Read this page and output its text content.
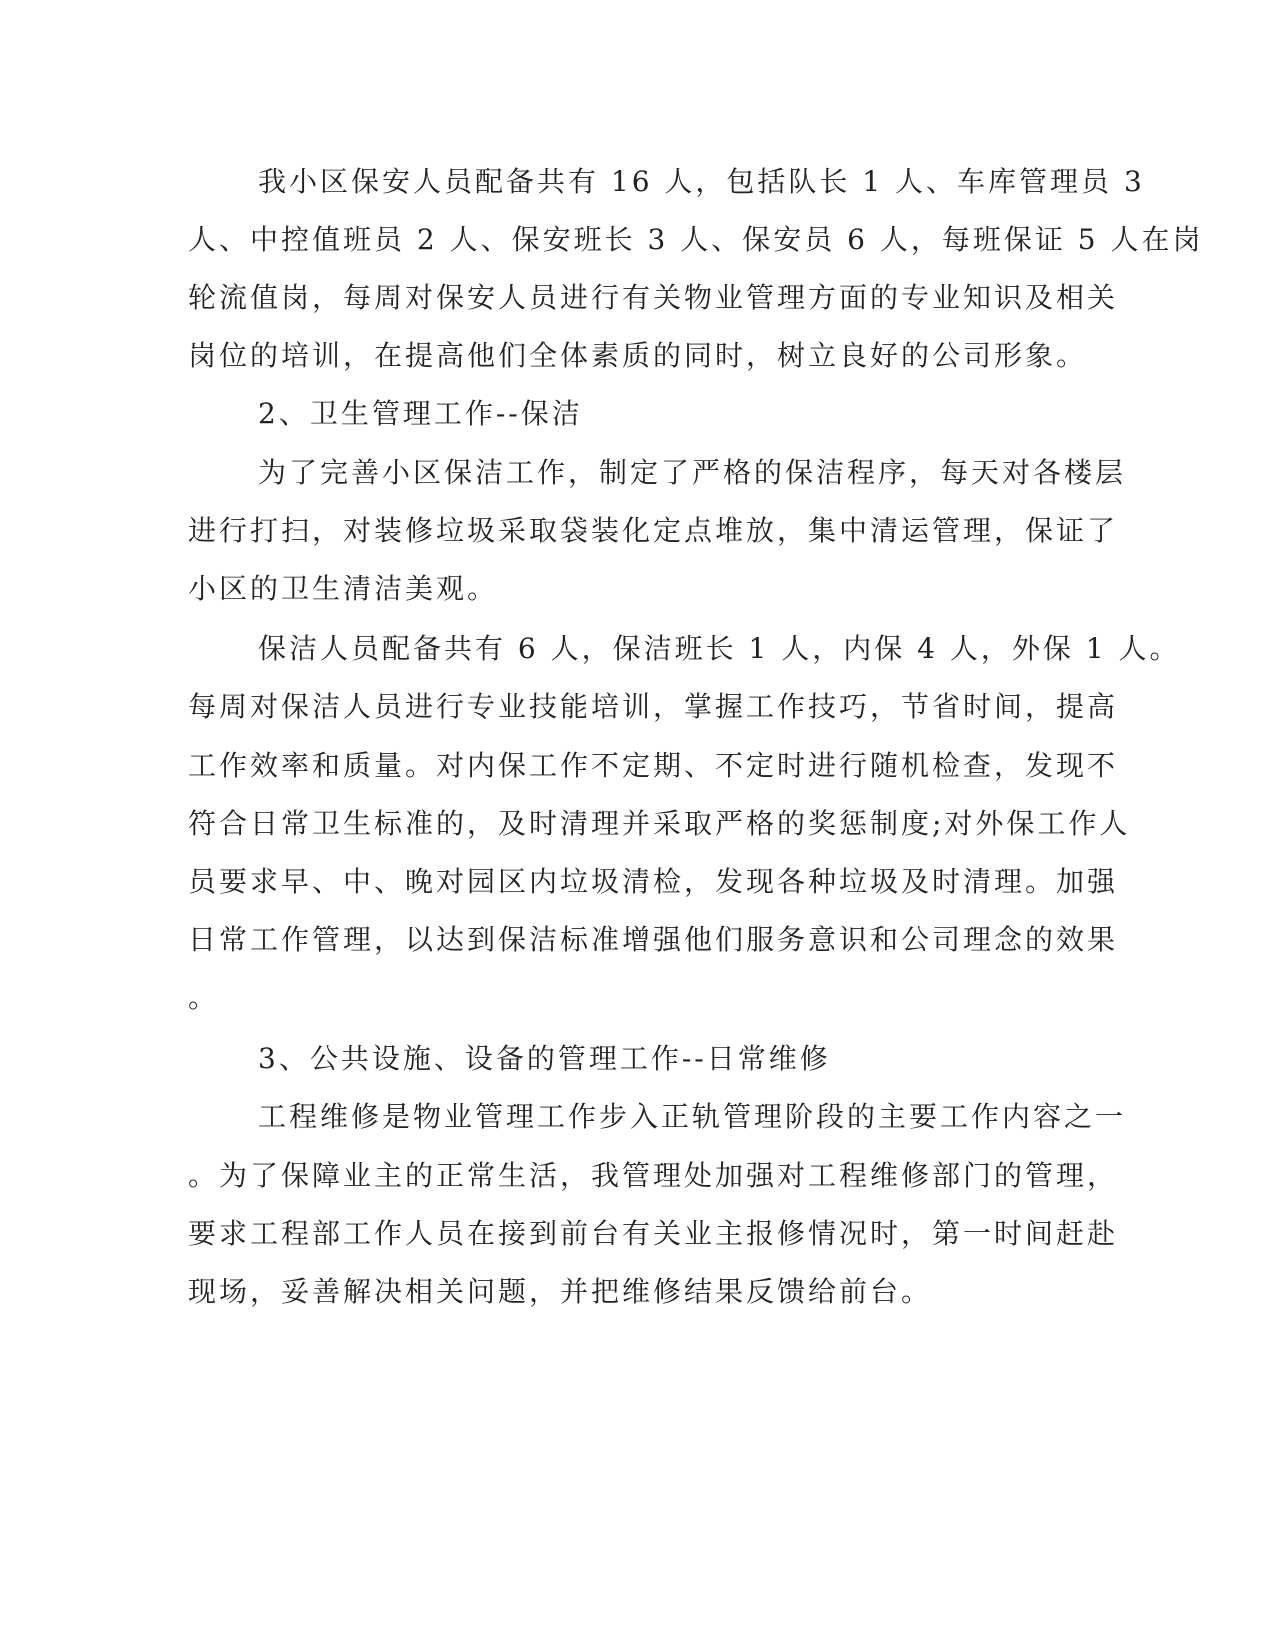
我小区保安人员配备共有 16 人，包括队长 1 人、车库管理员 3
人、中控值班员 2 人、保安班长 3 人、保安员 6 人，每班保证 5 人在岗
轮流值岗，每周对保安人员进行有关物业管理方面的专业知识及相关
岗位的培训，在提高他们全体素质的同时，树立良好的公司形象。
2、卫生管理工作--保洁
为了完善小区保洁工作，制定了严格的保洁程序，每天对各楼层
进行打扫，对装修垃圾采取袋装化定点堆放，集中清运管理，保证了
小区的卫生清洁美观。
保洁人员配备共有 6 人，保洁班长 1 人，内保 4 人，外保 1 人。
每周对保洁人员进行专业技能培训，掌握工作技巧，节省时间，提高
工作效率和质量。对内保工作不定期、不定时进行随机检查，发现不
符合日常卫生标准的，及时清理并采取严格的奖惩制度;对外保工作人
员要求早、中、晚对园区内垃圾清检，发现各种垃圾及时清理。加强
日常工作管理，以达到保洁标准增强他们服务意识和公司理念的效果
。
3、公共设施、设备的管理工作--日常维修
工程维修是物业管理工作步入正轨管理阶段的主要工作内容之一
。为了保障业主的正常生活，我管理处加强对工程维修部门的管理，
要求工程部工作人员在接到前台有关业主报修情况时，第一时间赶赴
现场，妥善解决相关问题，并把维修结果反馈给前台。
